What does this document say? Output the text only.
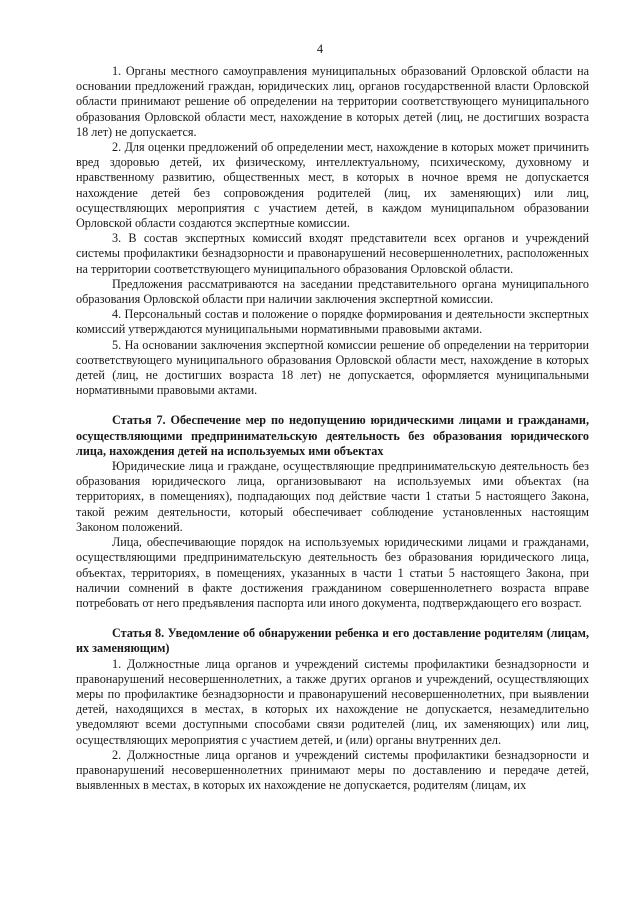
4

1. Органы местного самоуправления муниципальных образований Орловской области на основании предложений граждан, юридических лиц, органов государственной власти Орловской области принимают решение об определении на территории соответствующего муниципального образования Орловской области мест, нахождение в которых детей (лиц, не достигших возраста 18 лет) не допускается.

2. Для оценки предложений об определении мест, нахождение в которых может причинить вред здоровью детей, их физическому, интеллектуальному, психическому, духовному и нравственному развитию, общественных мест, в которых в ночное время не допускается нахождение детей без сопровождения родителей (лиц, их заменяющих) или лиц, осуществляющих мероприятия с участием детей, в каждом муниципальном образовании Орловской области создаются экспертные комиссии.

3. В состав экспертных комиссий входят представители всех органов и учреждений системы профилактики безнадзорности и правонарушений несовершеннолетних, расположенных на территории соответствующего муниципального образования Орловской области.

Предложения рассматриваются на заседании представительного органа муниципального образования Орловской области при наличии заключения экспертной комиссии.

4. Персональный состав и положение о порядке формирования и деятельности экспертных комиссий утверждаются муниципальными нормативными правовыми актами.

5. На основании заключения экспертной комиссии решение об определении на территории соответствующего муниципального образования Орловской области мест, нахождение в которых детей (лиц, не достигших возраста 18 лет) не допускается, оформляется муниципальными нормативными правовыми актами.

Статья 7. Обеспечение мер по недопущению юридическими лицами и гражданами, осуществляющими предпринимательскую деятельность без образования юридического лица, нахождения детей на используемых ими объектах

Юридические лица и граждане, осуществляющие предпринимательскую деятельность без образования юридического лица, организовывают на используемых ими объектах (на территориях, в помещениях), подпадающих под действие части 1 статьи 5 настоящего Закона, такой режим деятельности, который обеспечивает соблюдение установленных настоящим Законом положений.

Лица, обеспечивающие порядок на используемых юридическими лицами и гражданами, осуществляющими предпринимательскую деятельность без образования юридического лица, объектах, территориях, в помещениях, указанных в части 1 статьи 5 настоящего Закона, при наличии сомнений в факте достижения гражданином совершеннолетнего возраста вправе потребовать от него предъявления паспорта или иного документа, подтверждающего его возраст.

Статья 8. Уведомление об обнаружении ребенка и его доставление родителям (лицам, их заменяющим)

1. Должностные лица органов и учреждений системы профилактики безнадзорности и правонарушений несовершеннолетних, а также других органов и учреждений, осуществляющих меры по профилактике безнадзорности и правонарушений несовершеннолетних, при выявлении детей, находящихся в местах, в которых их нахождение не допускается, незамедлительно уведомляют всеми доступными способами связи родителей (лиц, их заменяющих) или лиц, осуществляющих мероприятия с участием детей, и (или) органы внутренних дел.

2. Должностные лица органов и учреждений системы профилактики безнадзорности и правонарушений несовершеннолетних принимают меры по доставлению и передаче детей, выявленных в местах, в которых их нахождение не допускается, родителям (лицам, их
